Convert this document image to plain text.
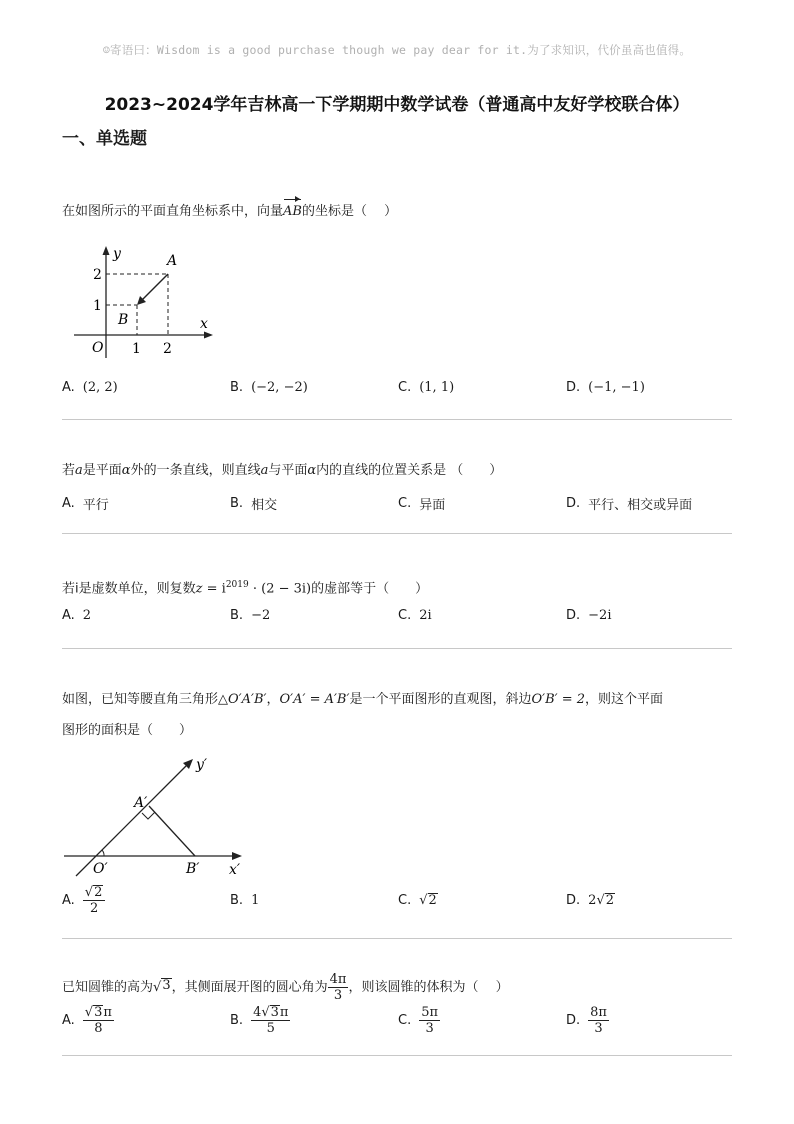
☺寄语曰：Wisdom is a good purchase though we pay dear for it.为了求知识，代价虽高也值得。
2023~2024学年吉林高一下学期期中数学试卷（普通高中友好学校联合体）
一、单选题
在如图所示的平面直角坐标系中，向量AB的坐标是（　 ）
y
x
O
A
B
2
1
1 2
A. (2, 2)	B. (−2, −2)	C. (1, 1)	D. (−1, −1)
若a是平面α外的一条直线，则直线a与平面α内的直线的位置关系是 （　　）
A. 平行	B. 相交	C. 异面	D. 平行、相交或异面
若i是虚数单位，则复数$z = i^{2019} \cdot (2 - 3i)$的虚部等于（　　）
A. 2	B. −2	C. 2i	D. −2i
如图，已知等腰直角三角形△O′A′B′，O′A′ = A′B′是一个平面图形的直观图，斜边O′B′ = 2，则这个平面
图形的面积是（　　）
y′
x′
O′
A′
B′
A. $\frac{√ 2}{2}$	B. 1	C. √ 2	D. 2 √ 2
已知圆锥的高为 √ 3 ，其侧面展开图的圆心角为 $\frac{4\pi}{3}$ ，则该圆锥的体积为（　 ）
A. $\frac{√ 3 \pi}{8}$	B. $\frac{4 √ 3 \pi}{5}$	C. $\frac{5\pi}{3}$	D. $\frac{8\pi}{3}$
